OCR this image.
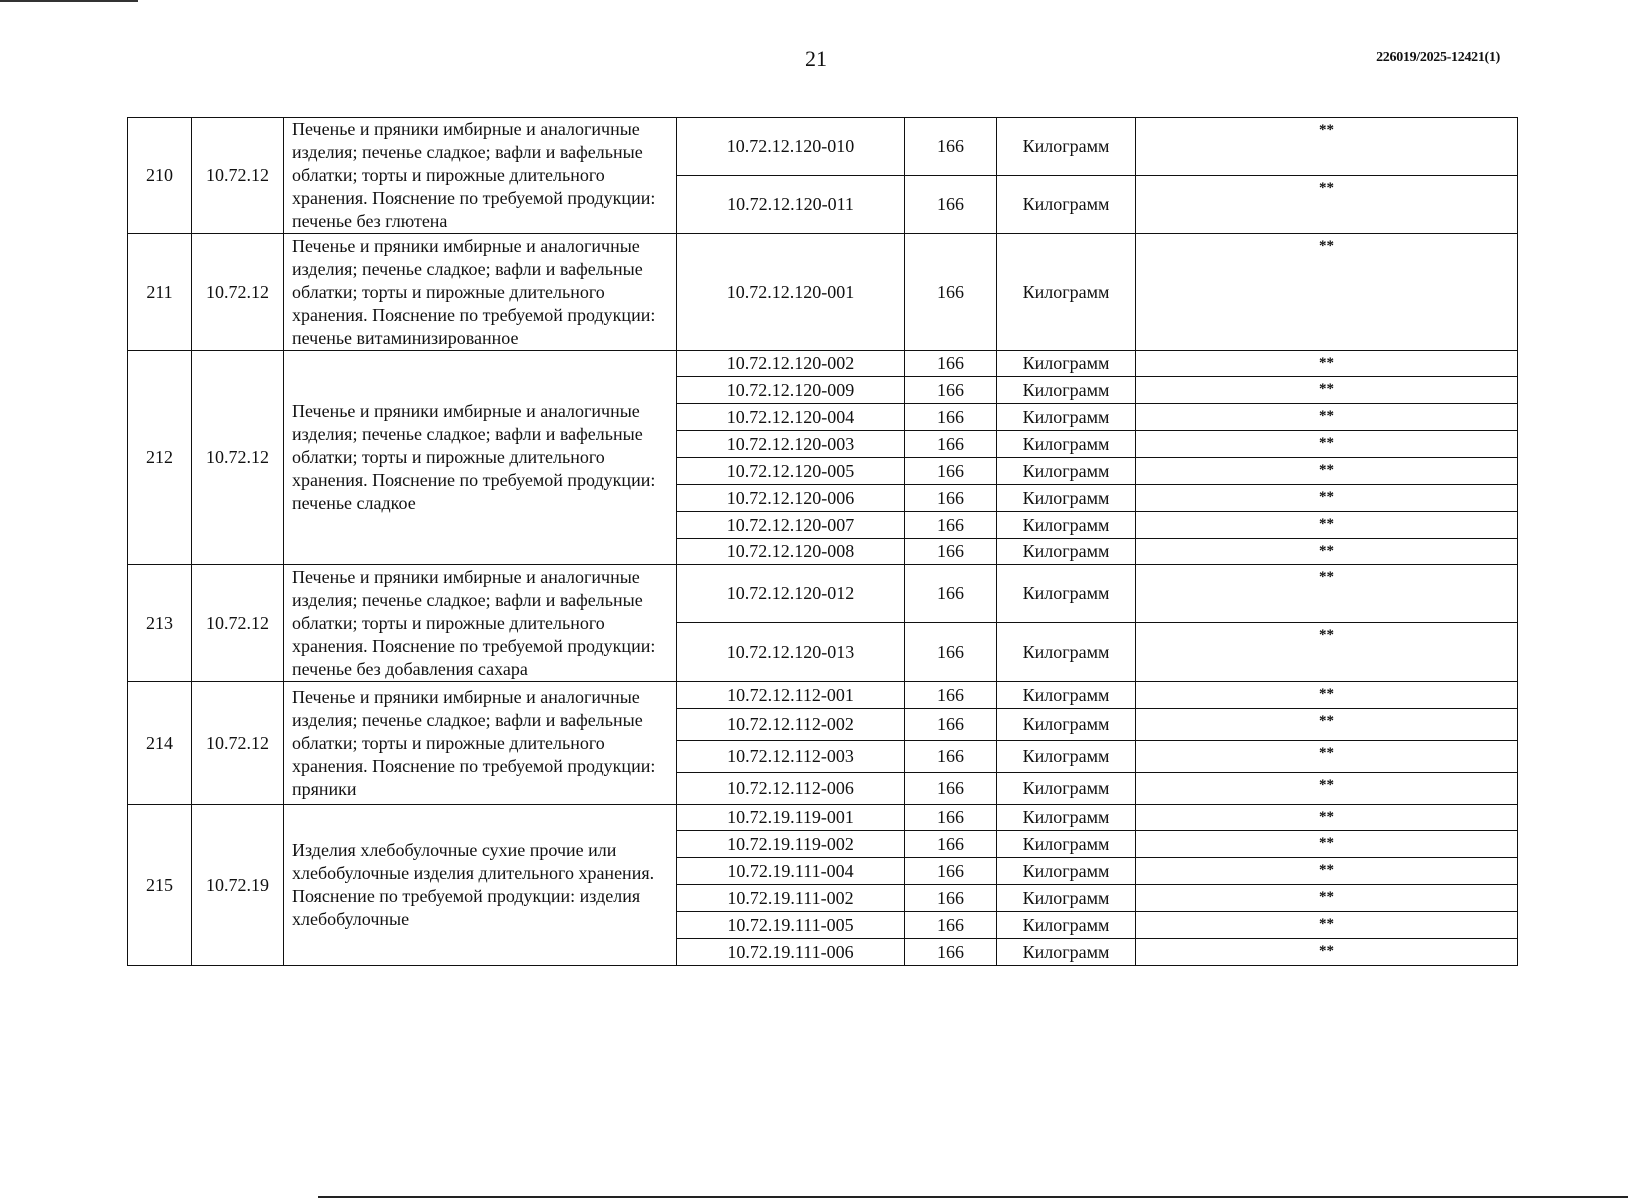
21	226019/2025-12421(1)
210	10.72.12	Печенье и пряники имбирные и аналогичные изделия; печенье сладкое; вафли и вафельные облатки; торты и пирожные длительного хранения. Пояснение по требуемой продукции: печенье без глютена	10.72.12.120-010	166	Килограмм	**
			10.72.12.120-011	166	Килограмм	**
211	10.72.12	Печенье и пряники имбирные и аналогичные изделия; печенье сладкое; вафли и вафельные облатки; торты и пирожные длительного хранения. Пояснение по требуемой продукции: печенье витаминизированное	10.72.12.120-001	166	Килограмм	**
212	10.72.12	Печенье и пряники имбирные и аналогичные изделия; печенье сладкое; вафли и вафельные облатки; торты и пирожные длительного хранения. Пояснение по требуемой продукции: печенье сладкое	10.72.12.120-002	166	Килограмм	**
			10.72.12.120-009	166	Килограмм	**
			10.72.12.120-004	166	Килограмм	**
			10.72.12.120-003	166	Килограмм	**
			10.72.12.120-005	166	Килограмм	**
			10.72.12.120-006	166	Килограмм	**
			10.72.12.120-007	166	Килограмм	**
			10.72.12.120-008	166	Килограмм	**
213	10.72.12	Печенье и пряники имбирные и аналогичные изделия; печенье сладкое; вафли и вафельные облатки; торты и пирожные длительного хранения. Пояснение по требуемой продукции: печенье без добавления сахара	10.72.12.120-012	166	Килограмм	**
			10.72.12.120-013	166	Килограмм	**
214	10.72.12	Печенье и пряники имбирные и аналогичные изделия; печенье сладкое; вафли и вафельные облатки; торты и пирожные длительного хранения. Пояснение по требуемой продукции: пряники	10.72.12.112-001	166	Килограмм	**
			10.72.12.112-002	166	Килограмм	**
			10.72.12.112-003	166	Килограмм	**
			10.72.12.112-006	166	Килограмм	**
215	10.72.19	Изделия хлебобулочные сухие прочие или хлебобулочные изделия длительного хранения. Пояснение по требуемой продукции: изделия хлебобулочные	10.72.19.119-001	166	Килограмм	**
			10.72.19.119-002	166	Килограмм	**
			10.72.19.111-004	166	Килограмм	**
			10.72.19.111-002	166	Килограмм	**
			10.72.19.111-005	166	Килограмм	**
			10.72.19.111-006	166	Килограмм	**
